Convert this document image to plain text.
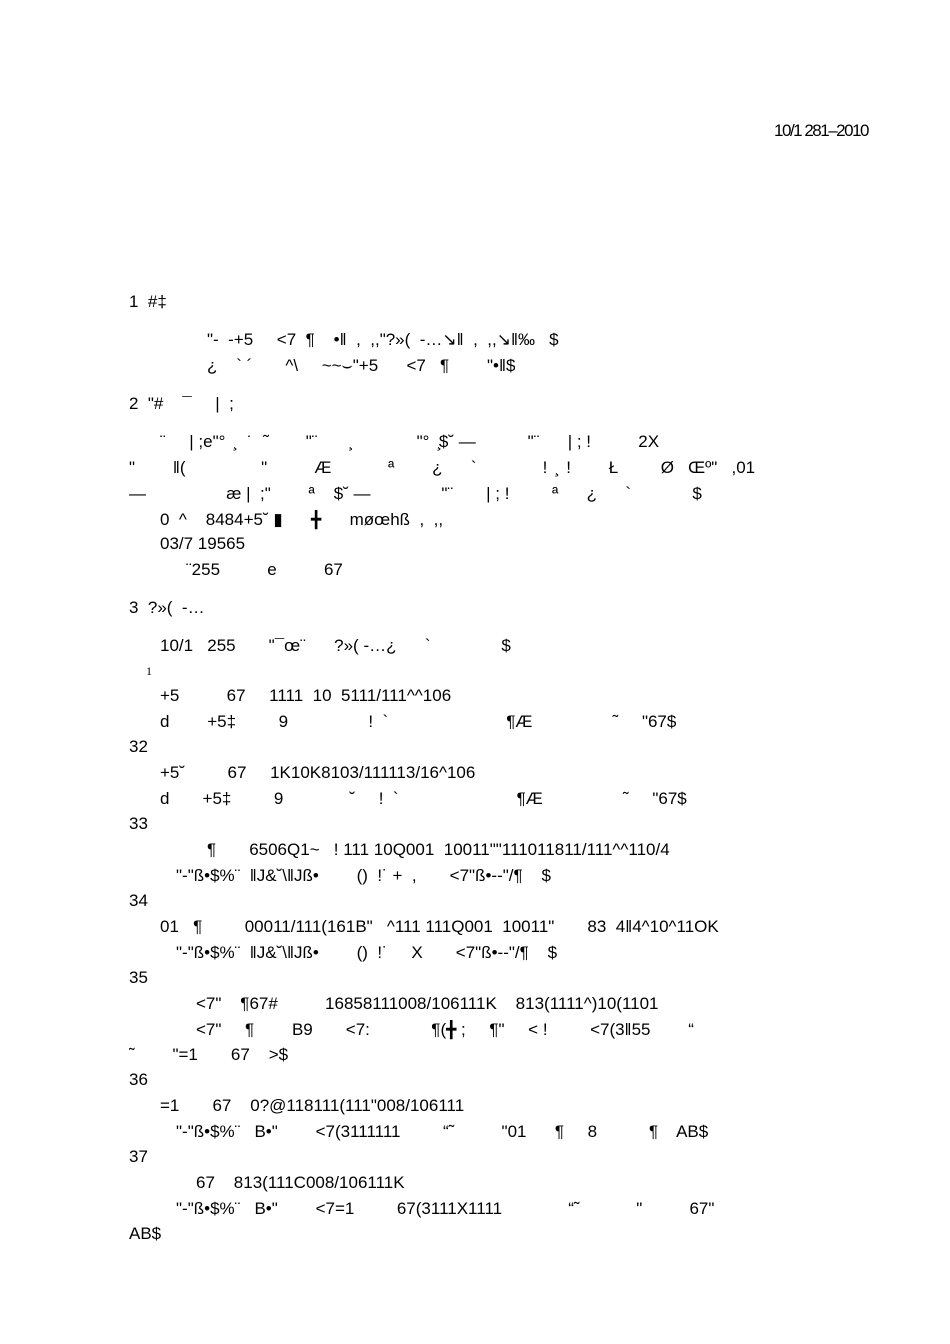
10/1 281–2010
1  #‡
"-  -+5     <7  ¶    •‖  ,  ,,"?»(  -…↘‖  ,  ,,↘‖‰   $
¿    ` ´       ^\     ~~⌣"+5      <7   ¶        "•‖$
2  "#    ¯     |  ;
¨     | ;e"°  ̧   ̇   ̃         "¨       ̧              "°  ̧$˘ —           "¨      | ; !          2X
"        ‖(                "          Æ            ª        ¿      `              !  ̧  !        Ł         Ø   Œº"   ,01
—                 æ |  ;"        ª    $˘ —               "¨       | ; !         ª      ¿      `             $
0  ^    8484+5˘ ▮      ╋      møœhß  ,  ,,
03/7 19565
¨255          e          67
3  ?»(  -…
10/1   255       "¯œ¨      ?»( -…¿      `               $
1
+5          67     1111  10  5111/111^^106
d        +5‡         9                 !  `                         ¶Æ                 ˜     "67$
32
+5˘         67     1K10K8103/111113/16^106
d       +5‡         9              ˘     !  `                         ¶Æ                 ˜     "67$
33
¶       6506Q1~   ! 111 10Q001  10011""111011811/111^^110/4
"-"ß•$%¨  ‖J&˘\‖Jß•        ()  !˙ +  ,       <7"ß•--"/¶    $
34
01   ¶         00011/111(161B"   ^111 111Q001  10011"       83  4‖4^10^11OK
"-"ß•$%¨  ‖J&˘\‖Jß•        ()  !˙     X       <7"ß•--"/¶    $
35
<7"    ¶67#          16858111008/106111K    813(1111^)10(1101
<7"     ¶        B9       <7:             ¶(╋ ;     ¶"     < !         <7(3‖55        “
˜        "=1       67    >$
36
=1       67    0?@118111(111"008/106111
"-"ß•$%¨   B•"        <7(3111111         “˜          "01      ¶     8           ¶    AB$
37
67    813(111C008/106111K
"-"ß•$%¨   B•"        <7=1         67(3111X1111              “˜            "          67"
AB$
